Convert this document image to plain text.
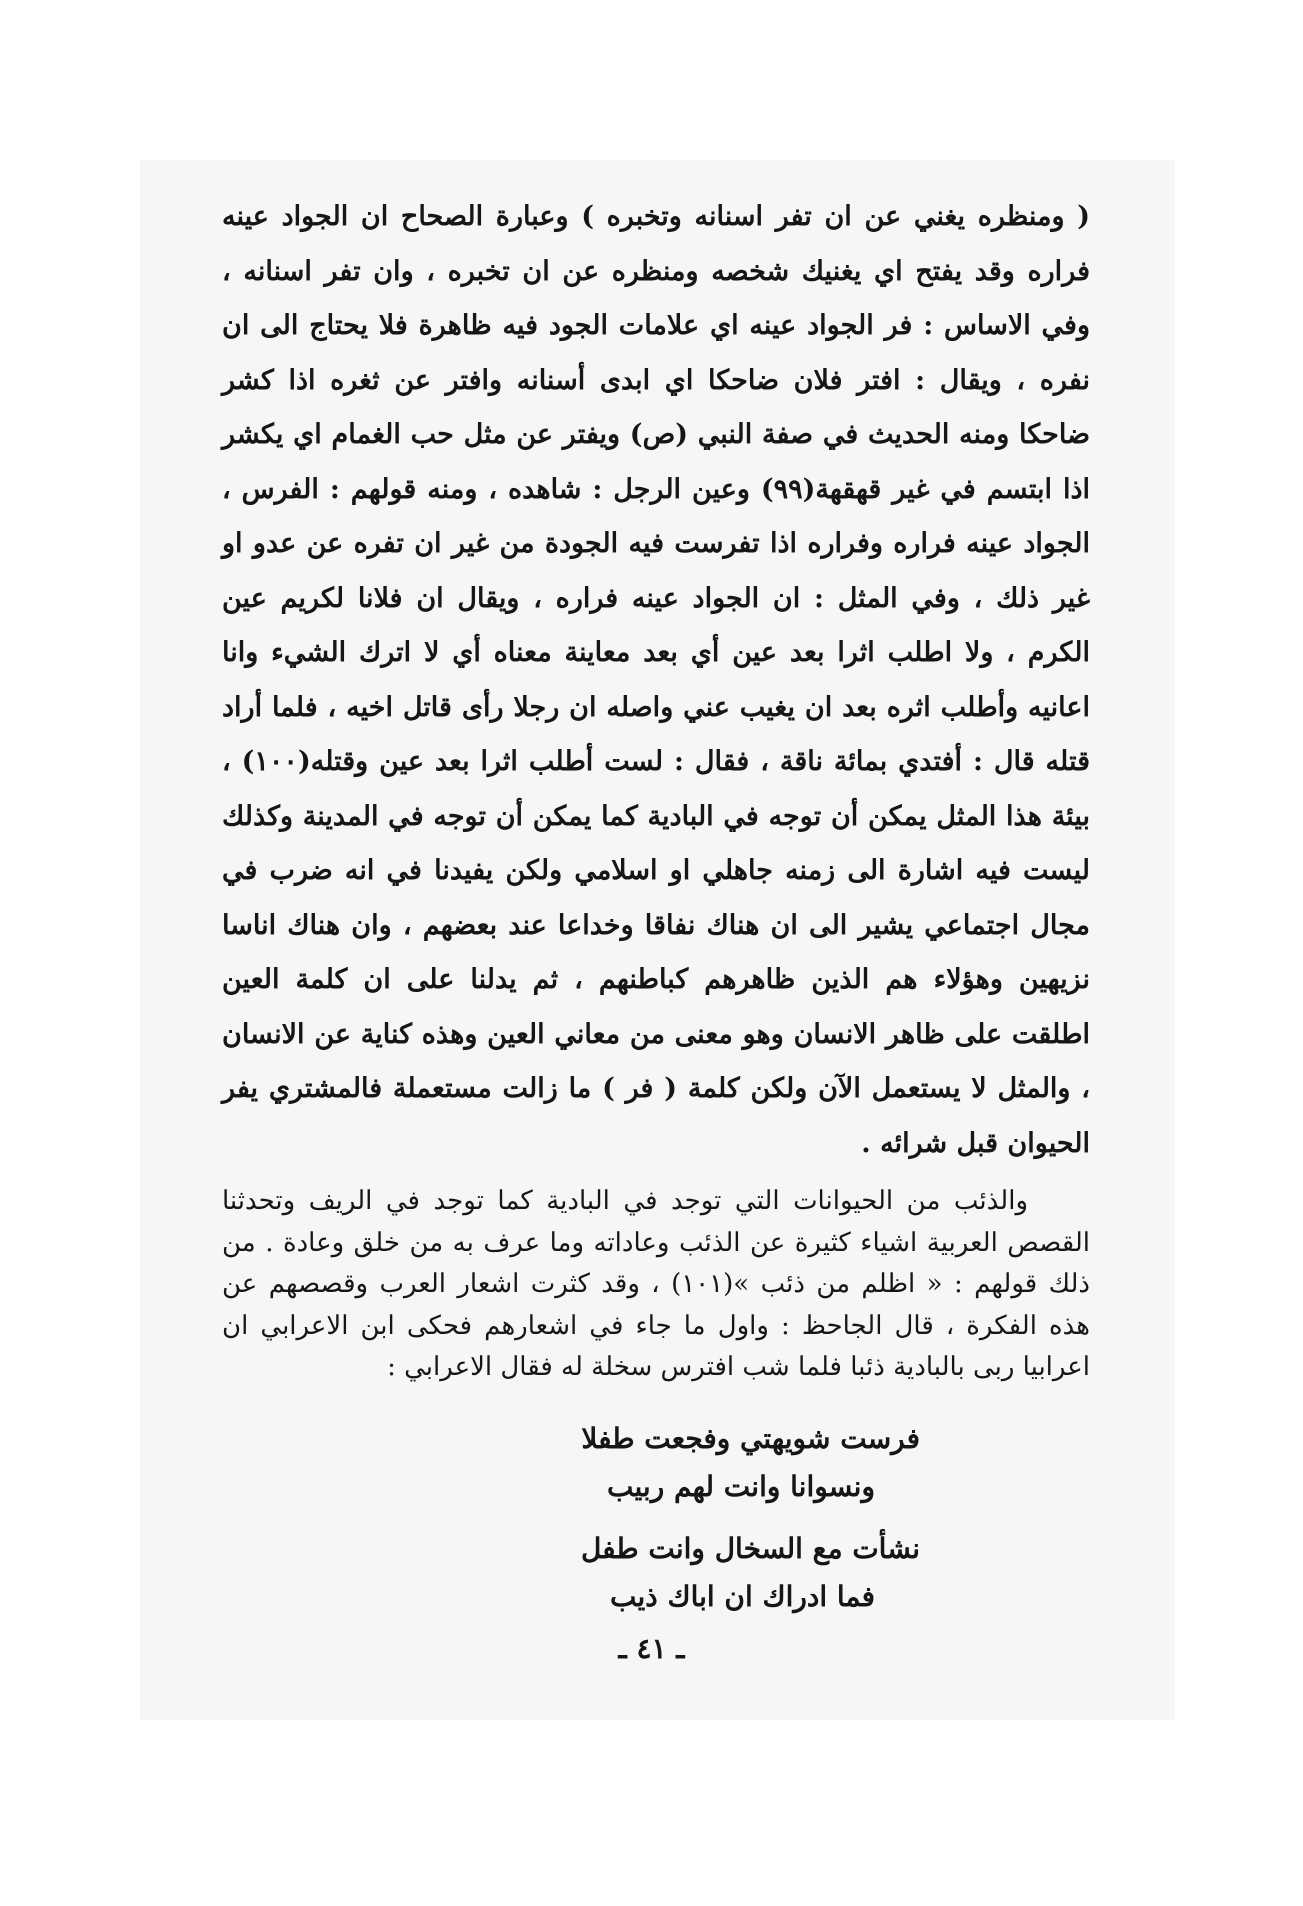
( ومنظره يغني عن ان تفر اسنانه وتخبره ) وعبارة الصحاح ان الجواد عينه فراره وقد يفتح اي يغنيك شخصه ومنظره عن ان تخبره ، وان تفر اسنانه ، وفي الاساس : فر الجواد عينه اي علامات الجود فيه ظاهرة فلا يحتاج الى ان نفره ، ويقال : افتر فلان ضاحكا اي ابدى أسنانه وافتر عن ثغره اذا كشر ضاحكا ومنه الحديث في صفة النبي (ص) ويفتر عن مثل حب الغمام اي يكشر اذا ابتسم في غير قهقهة(٩٩) وعين الرجل : شاهده ، ومنه قولهم : الفرس ، الجواد عينه فراره وفراره اذا تفرست فيه الجودة من غير ان تفره عن عدو او غير ذلك ، وفي المثل : ان الجواد عينه فراره ، ويقال ان فلانا لكريم عين الكرم ، ولا اطلب اثرا بعد عين أي بعد معاينة معناه أي لا اترك الشيء وانا اعانيه وأطلب اثره بعد ان يغيب عني واصله ان رجلا رأى قاتل اخيه ، فلما أراد قتله قال : أفتدي بمائة ناقة ، فقال : لست أطلب اثرا بعد عين وقتله(١٠٠) ، بيئة هذا المثل يمكن أن توجه في البادية كما يمكن أن توجه في المدينة وكذلك ليست فيه اشارة الى زمنه جاهلي او اسلامي ولكن يفيدنا في انه ضرب في مجال اجتماعي يشير الى ان هناك نفاقا وخداعا عند بعضهم ، وان هناك اناسا نزيهين وهؤلاء هم الذين ظاهرهم كباطنهم ، ثم يدلنا على ان كلمة العين اطلقت على ظاهر الانسان وهو معنى من معاني العين وهذه كناية عن الانسان ، والمثل لا يستعمل الآن ولكن كلمة ( فر ) ما زالت مستعملة فالمشتري يفر الحيوان قبل شرائه .

والذئب من الحيوانات التي توجد في البادية كما توجد في الريف وتحدثنا القصص العربية اشياء كثيرة عن الذئب وعاداته وما عرف به من خلق وعادة . من ذلك قولهم : « اظلم من ذئب »(١٠١) ، وقد كثرت اشعار العرب وقصصهم عن هذه الفكرة ، قال الجاحظ : واول ما جاء في اشعارهم فحكى ابن الاعرابي ان اعرابيا ربى بالبادية ذئبا فلما شب افترس سخلة له فقال الاعرابي :

فرست شويهتي وفجعت طفلا
ونسوانا وانت لهم ربيب
نشأت مع السخال وانت طفل
فما ادراك ان اباك ذيب
ـ ٤١ ـ
